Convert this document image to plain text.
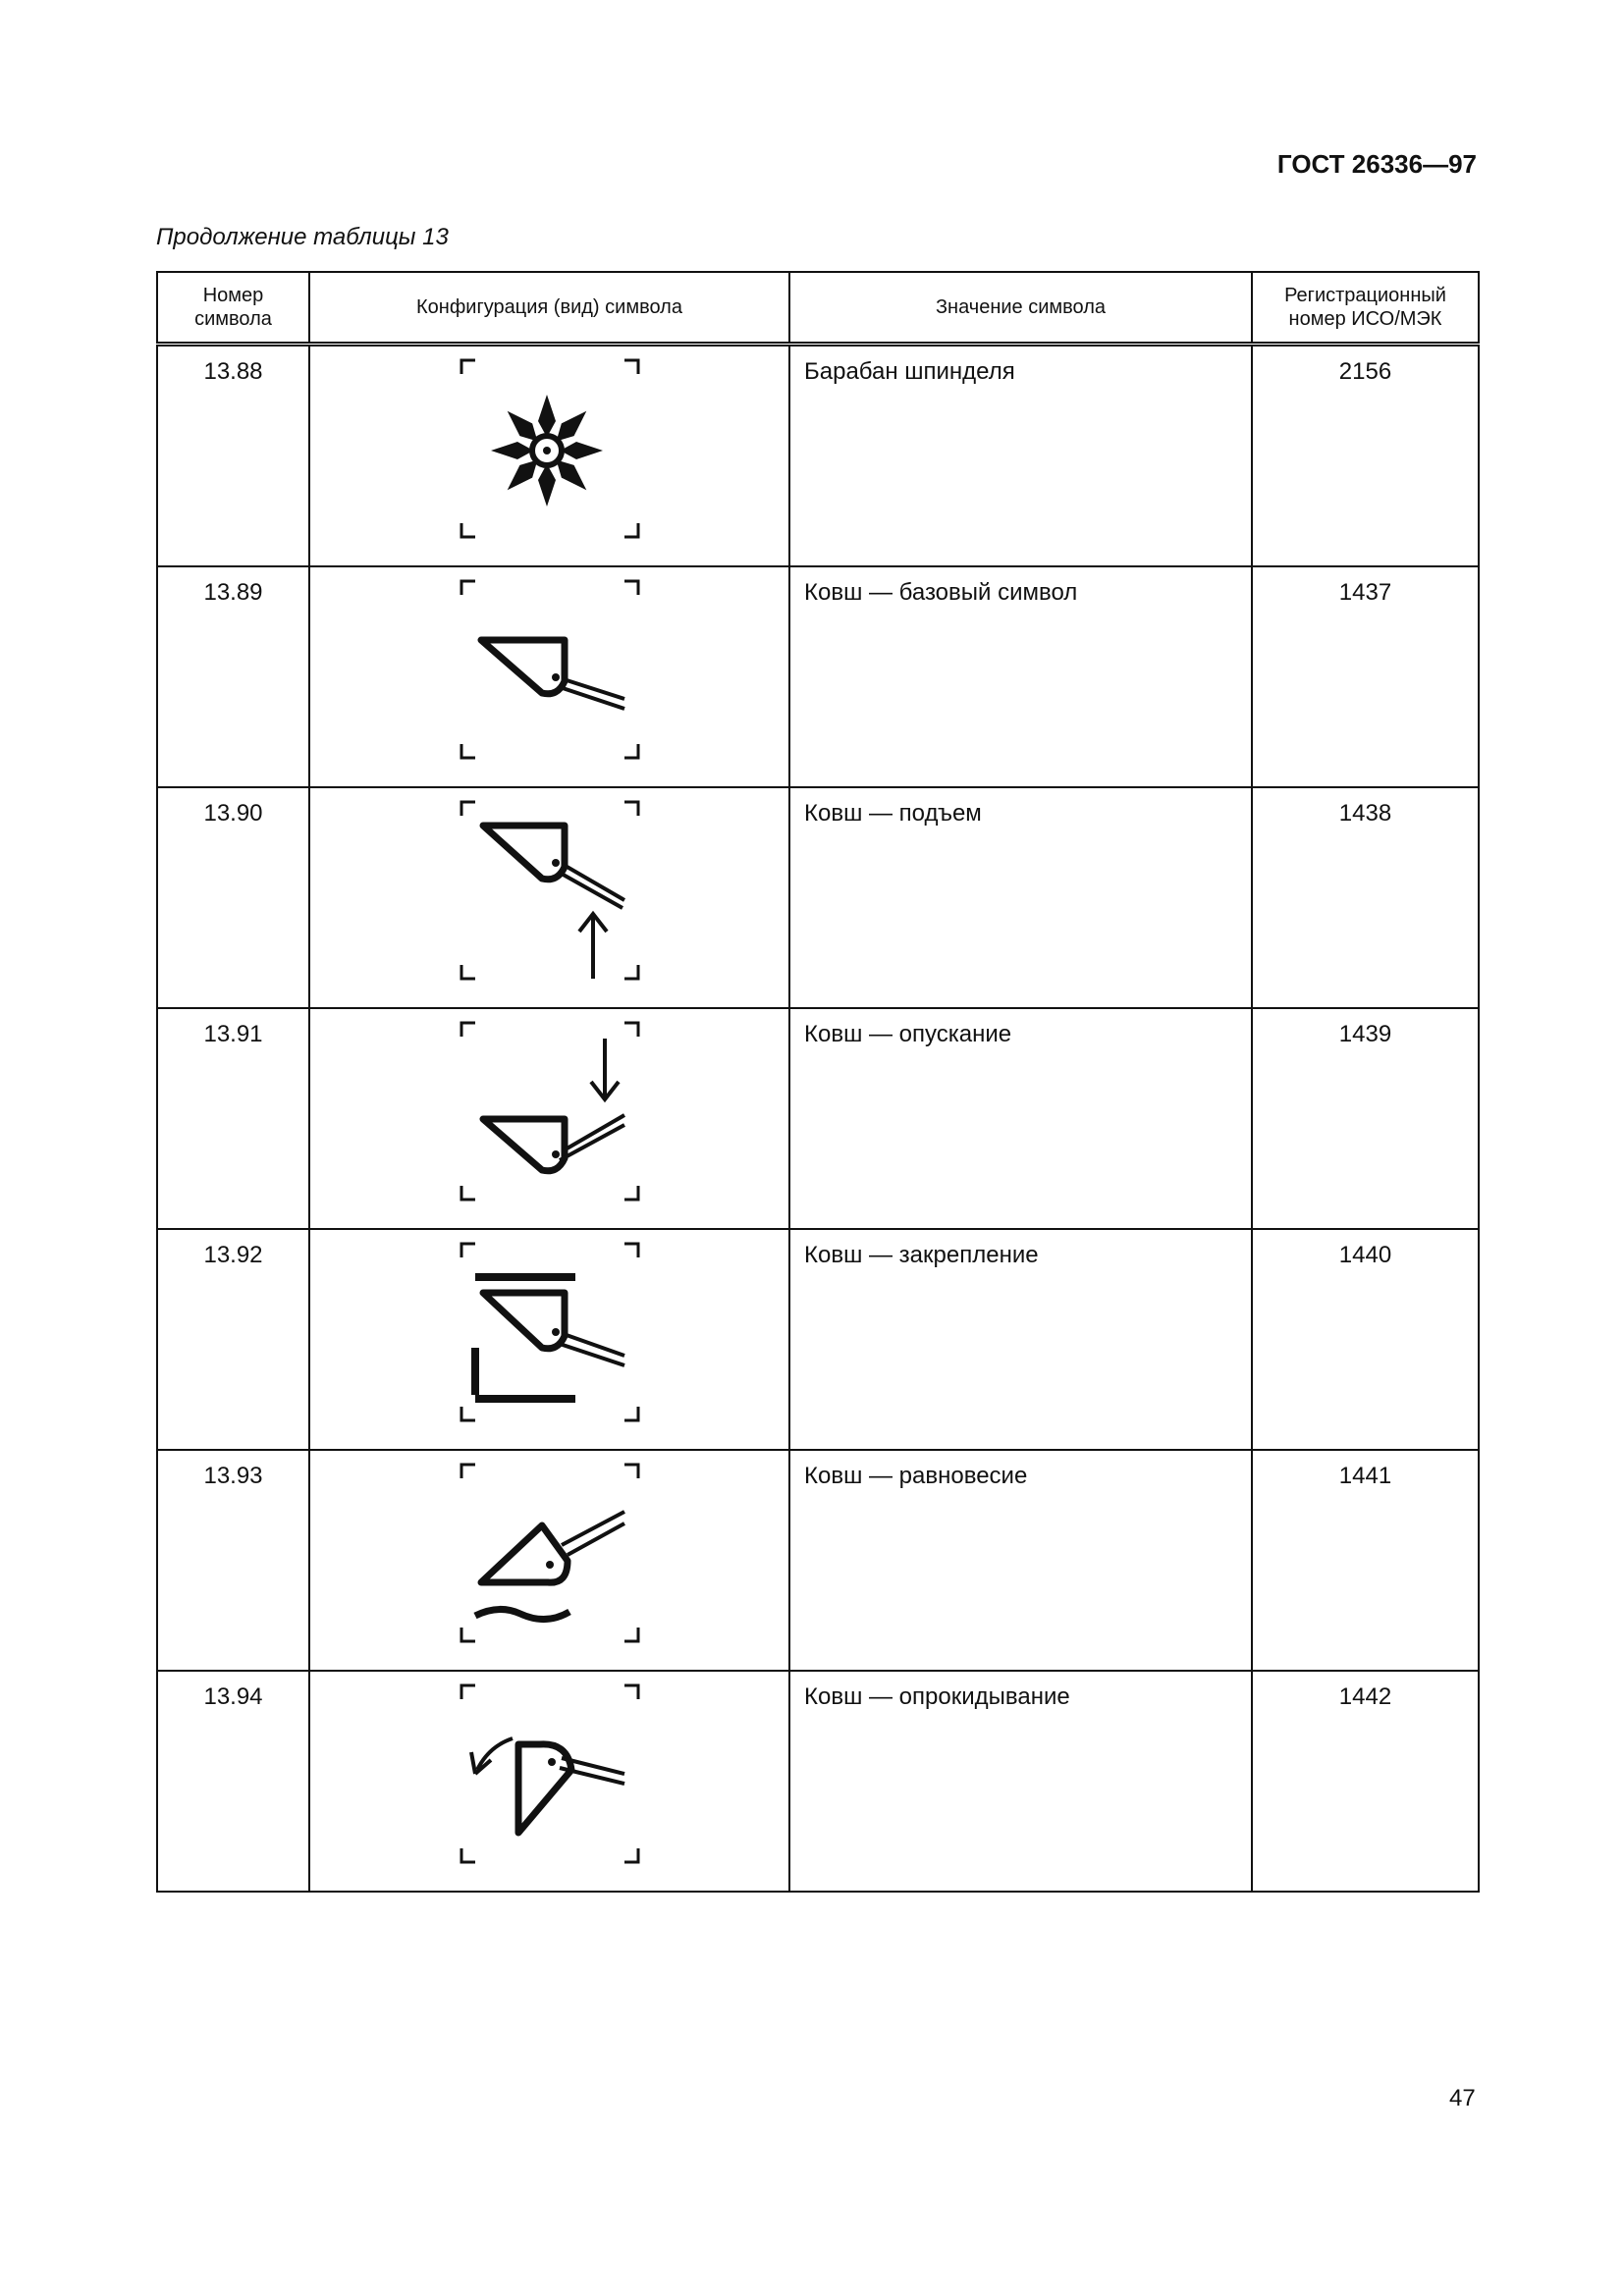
ГОСТ 26336—97
Продолжение таблицы 13
Номер символа	Конфигурация (вид) символа	Значение символа	Регистрационный номер ИСО/МЭК

13.88		Барабан шпинделя	2156

13.89		Ковш — базовый символ	1437

13.90		Ковш — подъем	1438

13.91		Ковш — опускание	1439

13.92		Ковш — закрепление	1440

13.93		Ковш — равновесие	1441

13.94		Ковш — опрокидывание	1442
47
